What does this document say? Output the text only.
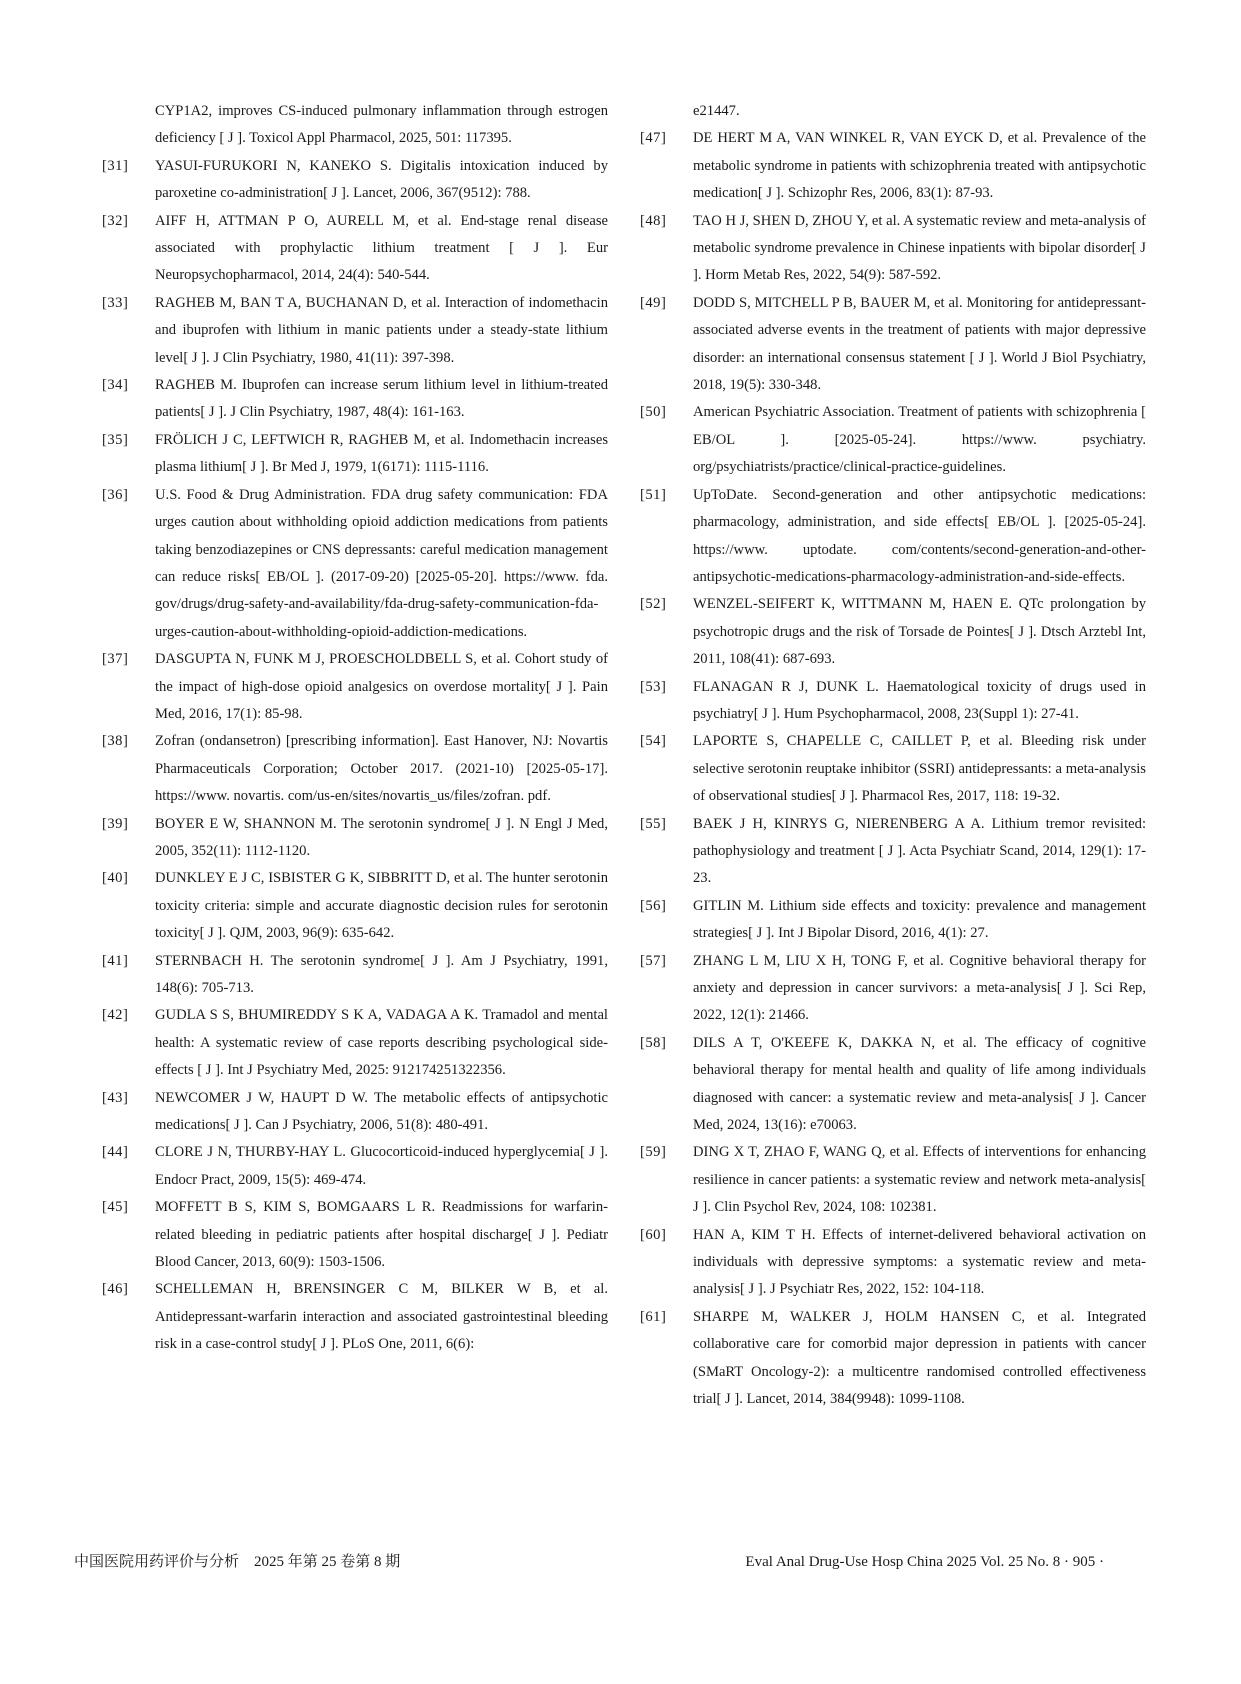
CYP1A2, improves CS-induced pulmonary inflammation through estrogen deficiency [ J ]. Toxicol Appl Pharmacol, 2025, 501: 117395.
[31]	YASUI-FURUKORI N, KANEKO S. Digitalis intoxication induced by paroxetine co-administration[ J ]. Lancet, 2006, 367(9512): 788.
[32]	AIFF H, ATTMAN P O, AURELL M, et al. End-stage renal disease associated with prophylactic lithium treatment [ J ]. Eur Neuropsychopharmacol, 2014, 24(4): 540-544.
[33]	RAGHEB M, BAN T A, BUCHANAN D, et al. Interaction of indomethacin and ibuprofen with lithium in manic patients under a steady-state lithium level[ J ]. J Clin Psychiatry, 1980, 41(11): 397-398.
[34]	RAGHEB M. Ibuprofen can increase serum lithium level in lithium-treated patients[ J ]. J Clin Psychiatry, 1987, 48(4): 161-163.
[35]	FRÖLICH J C, LEFTWICH R, RAGHEB M, et al. Indomethacin increases plasma lithium[ J ]. Br Med J, 1979, 1(6171): 1115-1116.
[36]	U.S. Food & Drug Administration. FDA drug safety communication: FDA urges caution about withholding opioid addiction medications from patients taking benzodiazepines or CNS depressants: careful medication management can reduce risks[ EB/OL ]. (2017-09-20) [2025-05-20]. https://www. fda. gov/drugs/drug-safety-and-availability/fda-drug-safety-communication-fda-urges-caution-about-withholding-opioid-addiction-medications.
[37]	DASGUPTA N, FUNK M J, PROESCHOLDBELL S, et al. Cohort study of the impact of high-dose opioid analgesics on overdose mortality[ J ]. Pain Med, 2016, 17(1): 85-98.
[38]	Zofran (ondansetron) [prescribing information]. East Hanover, NJ: Novartis Pharmaceuticals Corporation; October 2017. (2021-10) [2025-05-17]. https://www. novartis. com/us-en/sites/novartis_us/files/zofran. pdf.
[39]	BOYER E W, SHANNON M. The serotonin syndrome[ J ]. N Engl J Med, 2005, 352(11): 1112-1120.
[40]	DUNKLEY E J C, ISBISTER G K, SIBBRITT D, et al. The hunter serotonin toxicity criteria: simple and accurate diagnostic decision rules for serotonin toxicity[ J ]. QJM, 2003, 96(9): 635-642.
[41]	STERNBACH H. The serotonin syndrome[ J ]. Am J Psychiatry, 1991, 148(6): 705-713.
[42]	GUDLA S S, BHUMIREDDY S K A, VADAGA A K. Tramadol and mental health: A systematic review of case reports describing psychological side-effects [ J ]. Int J Psychiatry Med, 2025: 912174251322356.
[43]	NEWCOMER J W, HAUPT D W. The metabolic effects of antipsychotic medications[ J ]. Can J Psychiatry, 2006, 51(8): 480-491.
[44]	CLORE J N, THURBY-HAY L. Glucocorticoid-induced hyperglycemia[ J ]. Endocr Pract, 2009, 15(5): 469-474.
[45]	MOFFETT B S, KIM S, BOMGAARS L R. Readmissions for warfarin-related bleeding in pediatric patients after hospital discharge[ J ]. Pediatr Blood Cancer, 2013, 60(9): 1503-1506.
[46]	SCHELLEMAN H, BRENSINGER C M, BILKER W B, et al. Antidepressant-warfarin interaction and associated gastrointestinal bleeding risk in a case-control study[ J ]. PLoS One, 2011, 6(6):
e21447.
[47]	DE HERT M A, VAN WINKEL R, VAN EYCK D, et al. Prevalence of the metabolic syndrome in patients with schizophrenia treated with antipsychotic medication[ J ]. Schizophr Res, 2006, 83(1): 87-93.
[48]	TAO H J, SHEN D, ZHOU Y, et al. A systematic review and meta-analysis of metabolic syndrome prevalence in Chinese inpatients with bipolar disorder[ J ]. Horm Metab Res, 2022, 54(9): 587-592.
[49]	DODD S, MITCHELL P B, BAUER M, et al. Monitoring for antidepressant-associated adverse events in the treatment of patients with major depressive disorder: an international consensus statement [ J ]. World J Biol Psychiatry, 2018, 19(5): 330-348.
[50]	American Psychiatric Association. Treatment of patients with schizophrenia [ EB/OL ]. [2025-05-24]. https://www. psychiatry. org/psychiatrists/practice/clinical-practice-guidelines.
[51]	UpToDate. Second-generation and other antipsychotic medications: pharmacology, administration, and side effects[ EB/OL ]. [2025-05-24]. https://www. uptodate. com/contents/second-generation-and-other-antipsychotic-medications-pharmacology-administration-and-side-effects.
[52]	WENZEL-SEIFERT K, WITTMANN M, HAEN E. QTc prolongation by psychotropic drugs and the risk of Torsade de Pointes[ J ]. Dtsch Arztebl Int, 2011, 108(41): 687-693.
[53]	FLANAGAN R J, DUNK L. Haematological toxicity of drugs used in psychiatry[ J ]. Hum Psychopharmacol, 2008, 23(Suppl 1): 27-41.
[54]	LAPORTE S, CHAPELLE C, CAILLET P, et al. Bleeding risk under selective serotonin reuptake inhibitor (SSRI) antidepressants: a meta-analysis of observational studies[ J ]. Pharmacol Res, 2017, 118: 19-32.
[55]	BAEK J H, KINRYS G, NIERENBERG A A. Lithium tremor revisited: pathophysiology and treatment [ J ]. Acta Psychiatr Scand, 2014, 129(1): 17-23.
[56]	GITLIN M. Lithium side effects and toxicity: prevalence and management strategies[ J ]. Int J Bipolar Disord, 2016, 4(1): 27.
[57]	ZHANG L M, LIU X H, TONG F, et al. Cognitive behavioral therapy for anxiety and depression in cancer survivors: a meta-analysis[ J ]. Sci Rep, 2022, 12(1): 21466.
[58]	DILS A T, O'KEEFE K, DAKKA N, et al. The efficacy of cognitive behavioral therapy for mental health and quality of life among individuals diagnosed with cancer: a systematic review and meta-analysis[ J ]. Cancer Med, 2024, 13(16): e70063.
[59]	DING X T, ZHAO F, WANG Q, et al. Effects of interventions for enhancing resilience in cancer patients: a systematic review and network meta-analysis[ J ]. Clin Psychol Rev, 2024, 108: 102381.
[60]	HAN A, KIM T H. Effects of internet-delivered behavioral activation on individuals with depressive symptoms: a systematic review and meta-analysis[ J ]. J Psychiatr Res, 2022, 152: 104-118.
[61]	SHARPE M, WALKER J, HOLM HANSEN C, et al. Integrated collaborative care for comorbid major depression in patients with cancer (SMaRT Oncology-2): a multicentre randomised controlled effectiveness trial[ J ]. Lancet, 2014, 384(9948): 1099-1108.
中国医院用药评价与分析　2025 年第 25 卷第 8 期	Eval Anal Drug-Use Hosp China 2025 Vol. 25 No. 8 · 905 ·
